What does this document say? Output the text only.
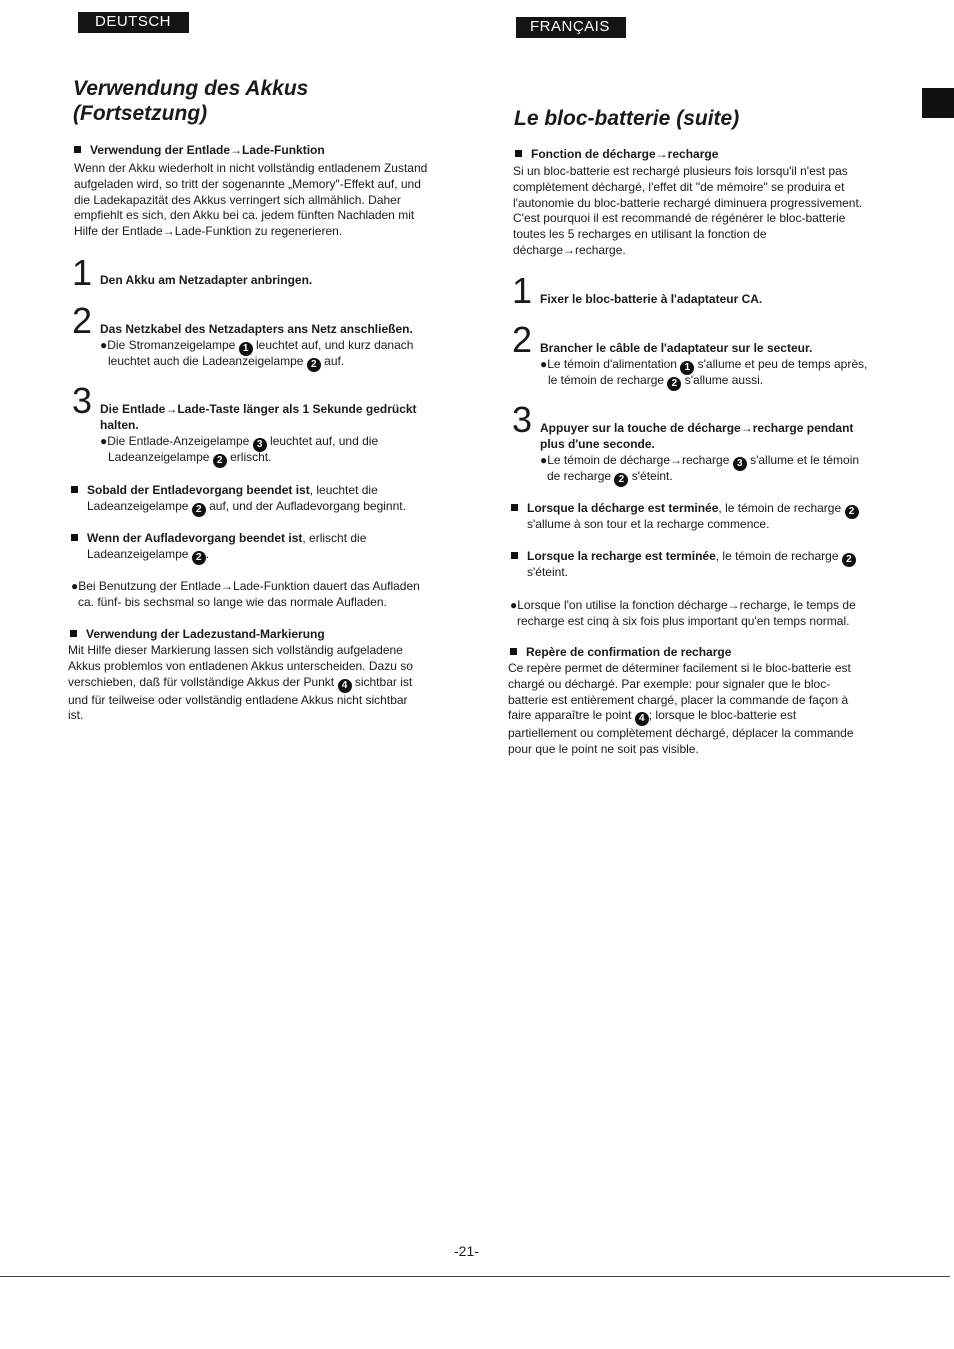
DEUTSCH
Verwendung des Akkus
(Fortsetzung)
Verwendung der Entlade→Lade-Funktion
Wenn der Akku wiederholt in nicht vollständig entladenem Zustand
aufgeladen wird, so tritt der sogenannte „Memory"-Effekt auf, und
die Ladekapazität des Akkus verringert sich allmählich. Daher
empfiehlt es sich, den Akku bei ca. jedem fünften Nachladen mit
Hilfe der Entlade→Lade-Funktion zu regenerieren.
1 Den Akku am Netzadapter anbringen.
2 Das Netzkabel des Netzadapters ans Netz anschließen.
●Die Stromanzeigelampe 1 leuchtet auf, und kurz danach
leuchtet auch die Ladeanzeigelampe 2 auf.
3 Die Entlade→Lade-Taste länger als 1 Sekunde gedrückt
halten.
●Die Entlade-Anzeigelampe 3 leuchtet auf, und die
Ladeanzeigelampe 2 erlischt.
Sobald der Entladevorgang beendet ist, leuchtet die
Ladeanzeigelampe 2 auf, und der Aufladevorgang beginnt.
Wenn der Aufladevorgang beendet ist, erlischt die
Ladeanzeigelampe 2 .
●Bei Benutzung der Entlade→Lade-Funktion dauert das Aufladen
ca. fünf- bis sechsmal so lange wie das normale Aufladen.
Verwendung der Ladezustand-Markierung
Mit Hilfe dieser Markierung lassen sich vollständig aufgeladene
Akkus problemlos von entladenen Akkus unterscheiden. Dazu so
verschieben, daß für vollständige Akkus der Punkt 4 sichtbar ist
und für teilweise oder vollständig entladene Akkus nicht sichtbar
ist.
FRANÇAIS
Le bloc-batterie (suite)
Fonction de décharge→recharge
Si un bloc-batterie est rechargé plusieurs fois lorsqu'il n'est pas
complètement déchargé, l'effet dit "de mémoire" se produira et
l'autonomie du bloc-batterie rechargé diminuera progressivement.
C'est pourquoi il est recommandé de régénérer le bloc-batterie
toutes les 5 recharges en utilisant la fonction de
décharge→recharge.
1 Fixer le bloc-batterie à l'adaptateur CA.
2 Brancher le câble de l'adaptateur sur le secteur.
●Le témoin d'alimentation 1 s'allume et peu de temps après,
le témoin de recharge 2 s'allume aussi.
3 Appuyer sur la touche de décharge→recharge pendant
plus d'une seconde.
●Le témoin de décharge→recharge 3 s'allume et le témoin
de recharge 2 s'éteint.
Lorsque la décharge est terminée, le témoin de recharge 2
s'allume à son tour et la recharge commence.
Lorsque la recharge est terminée, le témoin de recharge 2
s'éteint.
●Lorsque l'on utilise la fonction décharge→recharge, le temps de
recharge est cinq à six fois plus important qu'en temps normal.
Repère de confirmation de recharge
Ce repère permet de déterminer facilement si le bloc-batterie est
chargé ou déchargé. Par exemple: pour signaler que le bloc-
batterie est entièrement chargé, placer la commande de façon à
faire apparaître le point 4 ; lorsque le bloc-batterie est
partiellement ou complètement déchargé, déplacer la commande
pour que le point ne soit pas visible.
-21-
